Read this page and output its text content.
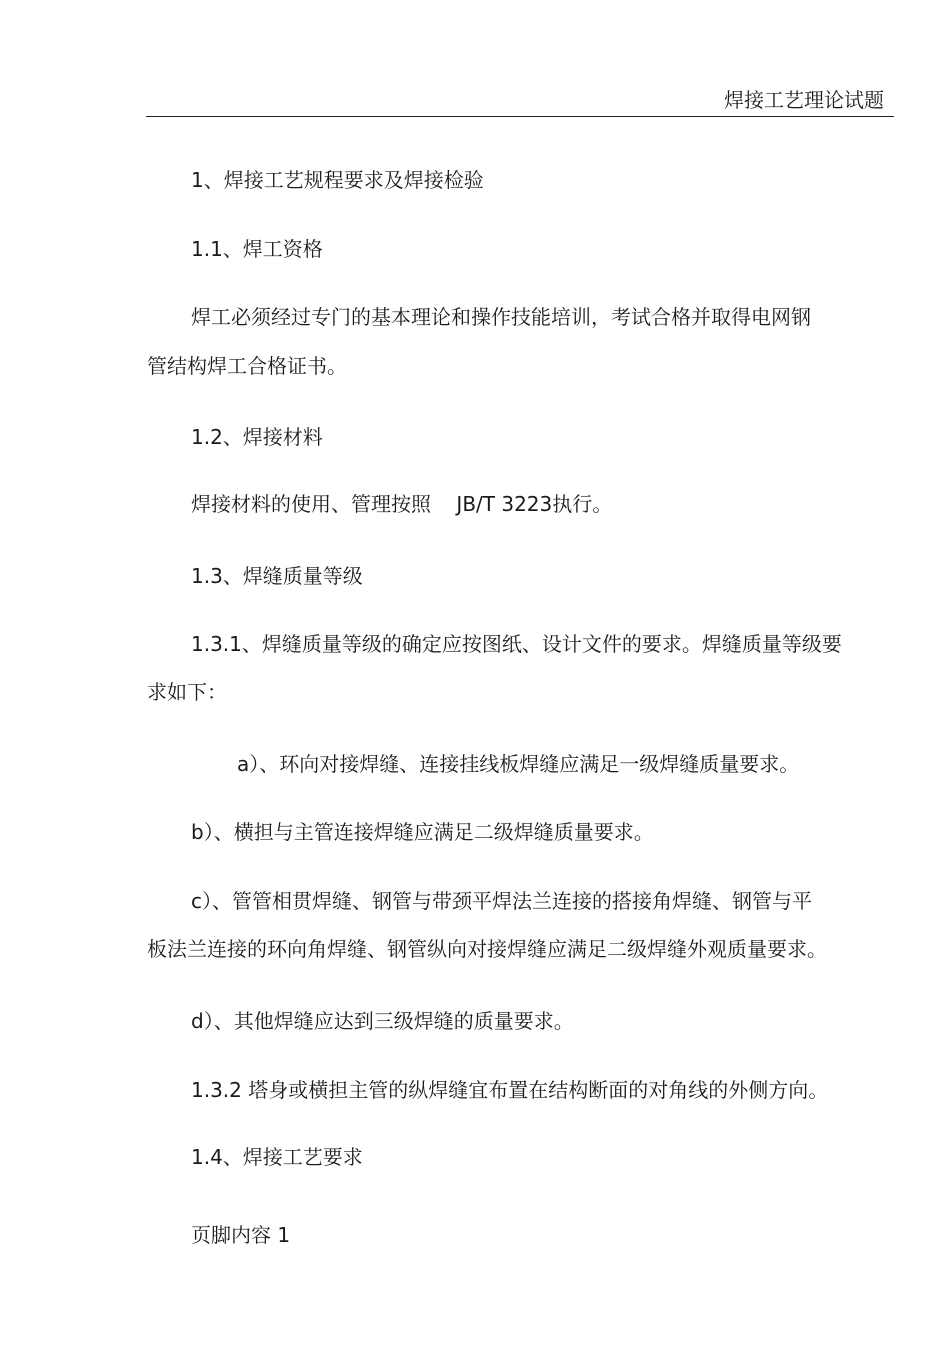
焊接工艺理论试题
1、焊接工艺规程要求及焊接检验
1.1、焊工资格
焊工必须经过专门的基本理论和操作技能培训，考试合格并取得电网钢
管结构焊工合格证书。
1.2、焊接材料
焊接材料的使用、管理按照    JB/T 3223执行。
1.3、焊缝质量等级
1.3.1、焊缝质量等级的确定应按图纸、设计文件的要求。焊缝质量等级要
求如下：
a）、环向对接焊缝、连接挂线板焊缝应满足一级焊缝质量要求。
b）、横担与主管连接焊缝应满足二级焊缝质量要求。
c）、管管相贯焊缝、钢管与带颈平焊法兰连接的搭接角焊缝、钢管与平
板法兰连接的环向角焊缝、钢管纵向对接焊缝应满足二级焊缝外观质量要求。
d）、其他焊缝应达到三级焊缝的质量要求。
1.3.2 塔身或横担主管的纵焊缝宜布置在结构断面的对角线的外侧方向。
1.4、焊接工艺要求
页脚内容 1
